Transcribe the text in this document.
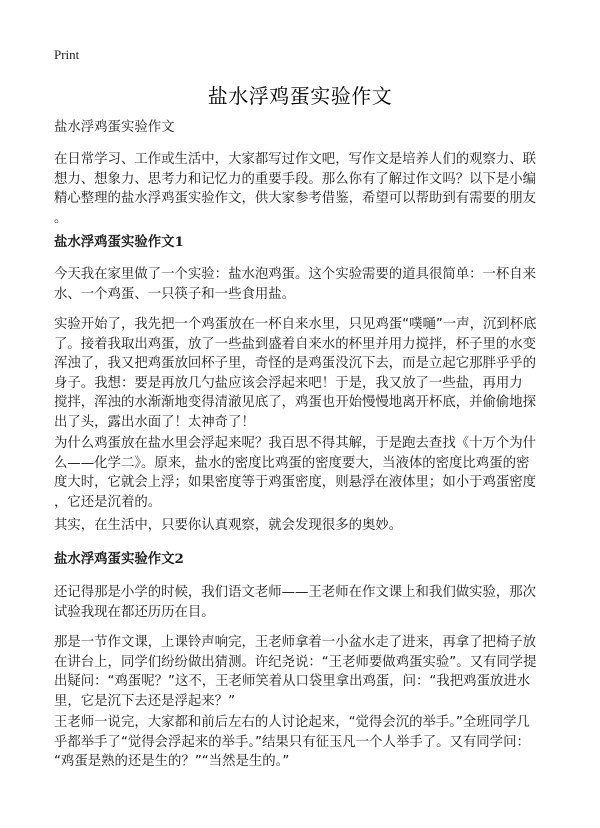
Print
盐水浮鸡蛋实验作文
盐水浮鸡蛋实验作文
在日常学习、工作或生活中，大家都写过作文吧，写作文是培养人们的观察力、联
想力、想象力、思考力和记忆力的重要手段。那么你有了解过作文吗？以下是小编
精心整理的盐水浮鸡蛋实验作文，供大家参考借鉴，希望可以帮助到有需要的朋友
。
盐水浮鸡蛋实验作文1
今天我在家里做了一个实验：盐水泡鸡蛋。这个实验需要的道具很简单：一杯自来
水、一个鸡蛋、一只筷子和一些食用盐。
实验开始了，我先把一个鸡蛋放在一杯自来水里，只见鸡蛋“噗嗵”一声，沉到杯底
了。接着我取出鸡蛋，放了一些盐到盛着自来水的杯里并用力搅拌，杯子里的水变
浑浊了，我又把鸡蛋放回杯子里，奇怪的是鸡蛋没沉下去，而是立起它那胖乎乎的
身子。我想：要是再放几勺盐应该会浮起来吧！于是，我又放了一些盐，再用力
搅拌，浑浊的水渐渐地变得清澈见底了，鸡蛋也开始慢慢地离开杯底，并偷偷地探
出了头，露出水面了！太神奇了！
为什么鸡蛋放在盐水里会浮起来呢？我百思不得其解，于是跑去查找《十万个为什
么——化学二》。原来，盐水的密度比鸡蛋的密度要大，当液体的密度比鸡蛋的密
度大时，它就会上浮；如果密度等于鸡蛋密度，则悬浮在液体里；如小于鸡蛋密度
，它还是沉着的。
其实，在生活中，只要你认真观察，就会发现很多的奥妙。
盐水浮鸡蛋实验作文2
还记得那是小学的时候，我们语文老师——王老师在作文课上和我们做实验，那次
试验我现在都还历历在目。
那是一节作文课，上课铃声响完，王老师拿着一小盆水走了进来，再拿了把椅子放
在讲台上，同学们纷纷做出猜测。许纪尧说：“王老师要做鸡蛋实验”。又有同学提
出疑问：“鸡蛋呢？”这不，王老师笑着从口袋里拿出鸡蛋，问：“我把鸡蛋放进水
里，它是沉下去还是浮起来？”
王老师一说完，大家都和前后左右的人讨论起来，“觉得会沉的举手。”全班同学几
乎都举手了“觉得会浮起来的举手。”结果只有征玉凡一个人举手了。又有同学问：
“鸡蛋是熟的还是生的？”“当然是生的。”
